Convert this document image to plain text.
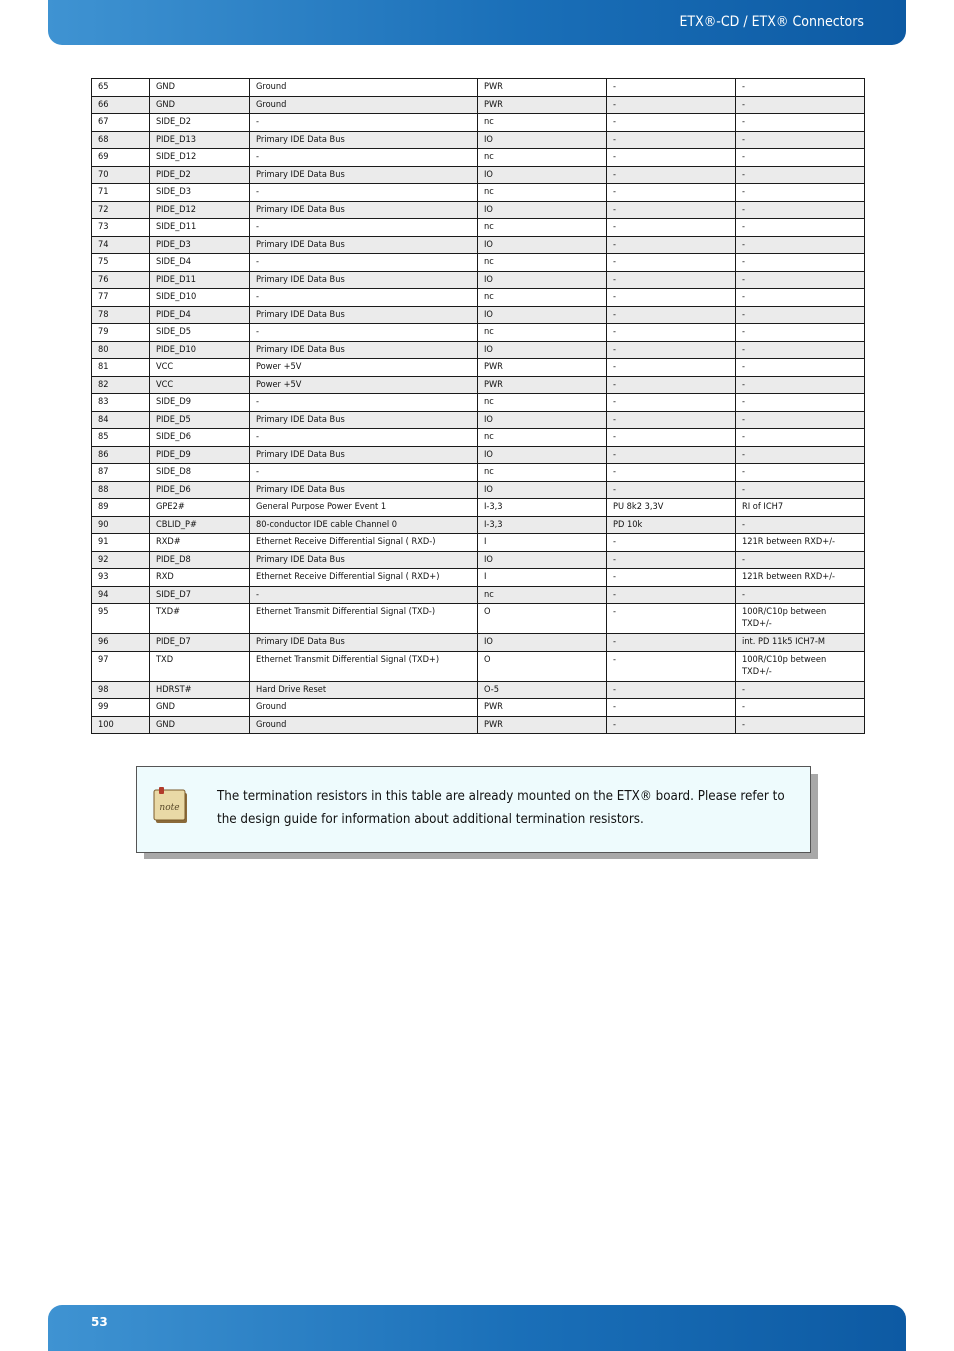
ETX®-CD / ETX® Connectors
65	GND	Ground	PWR	-	-
66	GND	Ground	PWR	-	-
67	SIDE_D2	-	nc	-	-
68	PIDE_D13	Primary IDE Data Bus	IO	-	-
69	SIDE_D12	-	nc	-	-
70	PIDE_D2	Primary IDE Data Bus	IO	-	-
71	SIDE_D3	-	nc	-	-
72	PIDE_D12	Primary IDE Data Bus	IO	-	-
73	SIDE_D11	-	nc	-	-
74	PIDE_D3	Primary IDE Data Bus	IO	-	-
75	SIDE_D4	-	nc	-	-
76	PIDE_D11	Primary IDE Data Bus	IO	-	-
77	SIDE_D10	-	nc	-	-
78	PIDE_D4	Primary IDE Data Bus	IO	-	-
79	SIDE_D5	-	nc	-	-
80	PIDE_D10	Primary IDE Data Bus	IO	-	-
81	VCC	Power +5V	PWR	-	-
82	VCC	Power +5V	PWR	-	-
83	SIDE_D9	-	nc	-	-
84	PIDE_D5	Primary IDE Data Bus	IO	-	-
85	SIDE_D6	-	nc	-	-
86	PIDE_D9	Primary IDE Data Bus	IO	-	-
87	SIDE_D8	-	nc	-	-
88	PIDE_D6	Primary IDE Data Bus	IO	-	-
89	GPE2#	General Purpose Power Event 1	I-3,3	PU 8k2 3,3V	RI of ICH7
90	CBLID_P#	80-conductor IDE cable Channel 0	I-3,3	PD 10k	-
91	RXD#	Ethernet Receive Differential Signal ( RXD-)	I	-	121R between RXD+/-
92	PIDE_D8	Primary IDE Data Bus	IO	-	-
93	RXD	Ethernet Receive Differential Signal ( RXD+)	I	-	121R between RXD+/-
94	SIDE_D7	-	nc	-	-
95	TXD#	Ethernet Transmit Differential Signal (TXD-)	O	-	100R/C10p between TXD+/-
96	PIDE_D7	Primary IDE Data Bus	IO	-	int. PD 11k5 ICH7-M
97	TXD	Ethernet Transmit Differential Signal (TXD+)	O	-	100R/C10p between TXD+/-
98	HDRST#	Hard Drive Reset	O-5	-	-
99	GND	Ground	PWR	-	-
100	GND	Ground	PWR	-	-
note
The termination resistors in this table are already mounted on the ETX® board. Please refer to the design guide for information about additional termination resistors.
53
